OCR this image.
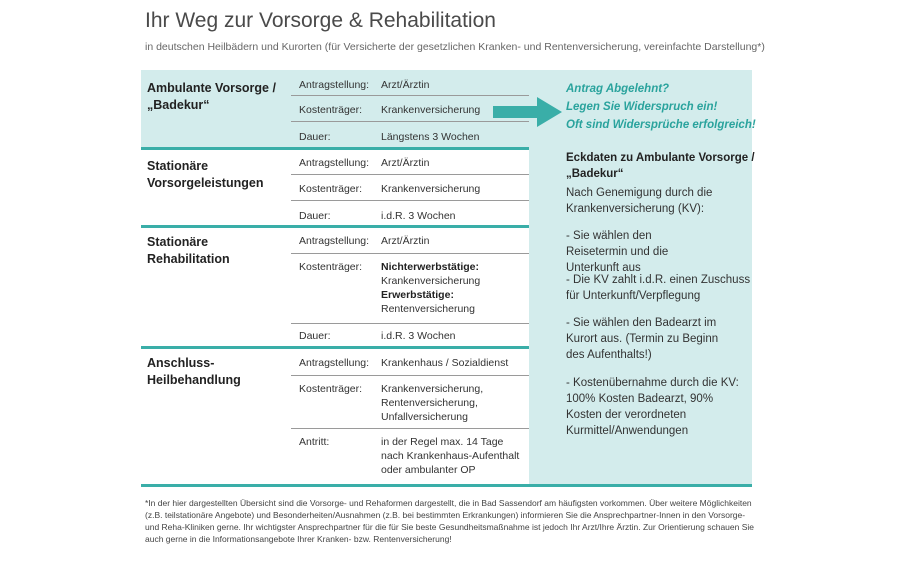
Ihr Weg zur Vorsorge & Rehabilitation
in deutschen Heilbädern und Kurorten (für Versicherte der gesetzlichen Kranken- und Rentenversicherung, vereinfachte Darstellung*)
Ambulante Vorsorge / „Badekur“
Antragstellung: Arzt/Ärztin
Kostenträger: Krankenversicherung
Dauer:	Längstens 3 Wochen
Stationäre Vorsorgeleistungen
Antragstellung: Arzt/Ärztin
Kostenträger: Krankenversicherung
Dauer:	i.d.R. 3 Wochen
Stationäre Rehabilitation
Antragstellung: Arzt/Ärztin
Kostenträger: Nichterwerbstätige:
Krankenversicherung
Erwerbstätige:
Rentenversicherung
Dauer:	i.d.R. 3 Wochen
Anschluss-Heilbehandlung
Antragstellung: Krankenhaus / Sozialdienst
Kostenträger: Krankenversicherung, Rentenversicherung, Unfallversicherung
Antritt:	in der Regel max. 14 Tage nach Krankenhaus-Aufenthalt oder ambulanter OP
Antrag Abgelehnt?
Legen Sie Widerspruch ein!
Oft sind Widersprüche erfolgreich!
Eckdaten zu Ambulante Vorsorge / „Badekur“
Nach Genemigung durch die Krankenversicherung (KV):
- Sie wählen den Reisetermin und die Unterkunft aus
- Die KV zahlt i.d.R. einen Zuschuss für Unterkunft/Verpflegung
- Sie wählen den Badearzt im Kurort aus. (Termin zu Beginn des Aufenthalts!)
- Kostenübernahme durch die KV: 100% Kosten Badearzt, 90% Kosten der verordneten Kurmittel/Anwendungen
*In der hier dargestellten Übersicht sind die Vorsorge- und Rehaformen dargestellt, die in Bad Sassendorf am häufigsten vorkommen. Über weitere Möglichkeiten (z.B. teilstationäre Angebote) und Besonderheiten/Ausnahmen (z.B. bei bestimmten Erkrankungen) informieren Sie die Ansprechpartner-Innen in den Vorsorge- und Reha-Kliniken gerne. Ihr wichtigster Ansprechpartner für die für Sie beste Gesundheitsmaßnahme ist jedoch Ihr Arzt/Ihre Ärztin. Zur Orientierung schauen Sie auch gerne in die Informationsangebote Ihrer Kranken- bzw. Rentenversicherung!
